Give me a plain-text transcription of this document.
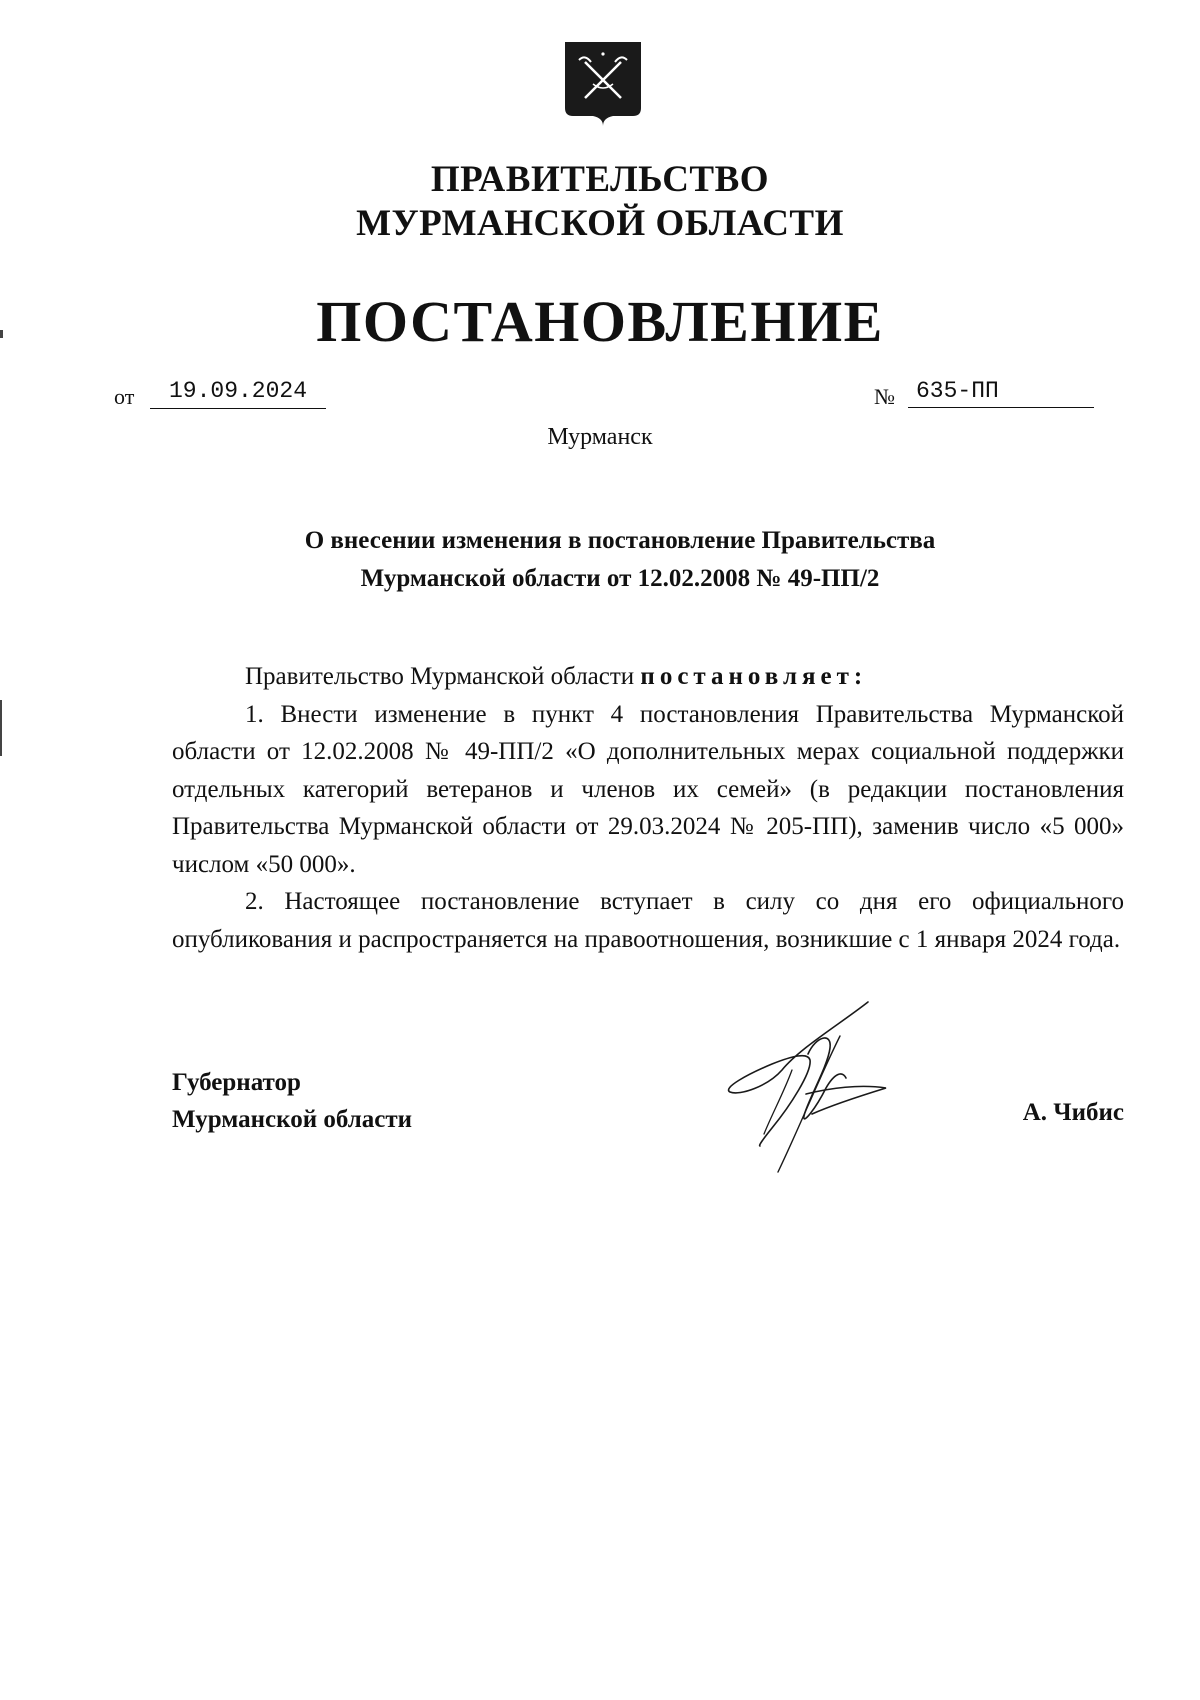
ПРАВИТЕЛЬСТВО
МУРМАНСКОЙ ОБЛАСТИ
ПОСТАНОВЛЕНИЕ
от	19.09.2024	№ 635-ПП
Мурманск
О внесении изменения в постановление Правительства Мурманской области от 12.02.2008 № 49-ПП/2

Правительство Мурманской области постановляет:

1. Внести изменение в пункт 4 постановления Правительства Мурманской области от 12.02.2008 № 49-ПП/2 «О дополнительных мерах социальной поддержки отдельных категорий ветеранов и членов их семей» (в редакции постановления Правительства Мурманской области от 29.03.2024 № 205-ПП), заменив число «5 000» числом «50 000».

2. Настоящее постановление вступает в силу со дня его официального опубликования и распространяется на правоотношения, возникшие с 1 января 2024 года.

Губернатор
Мурманской области	А. Чибис
